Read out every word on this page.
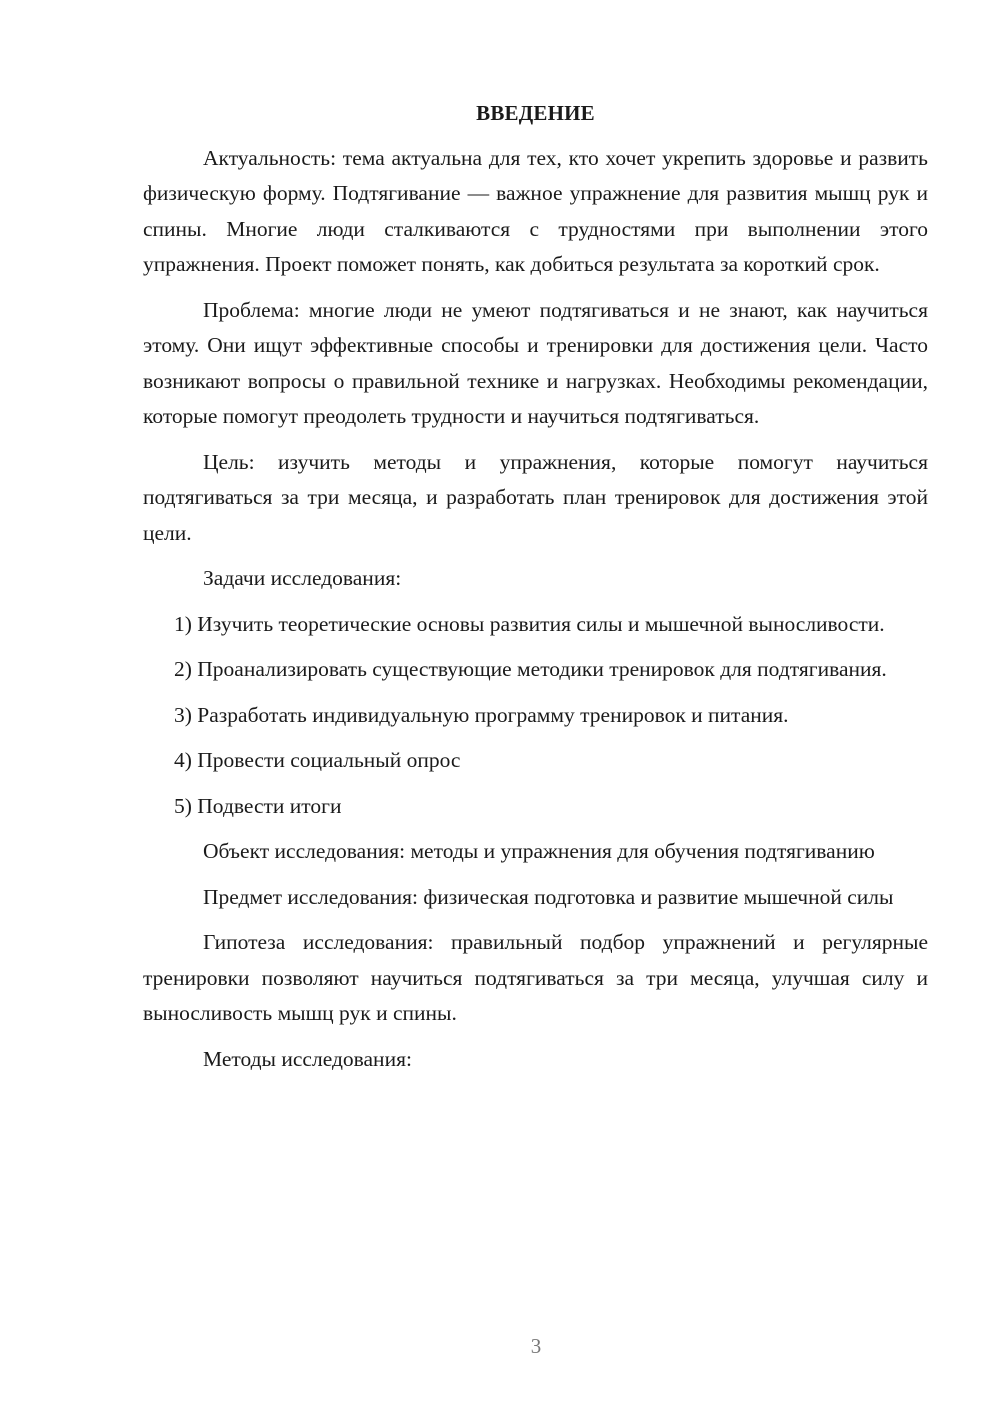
ВВЕДЕНИЕ

Актуальность: тема актуальна для тех, кто хочет укрепить здоровье и развить физическую форму. Подтягивание — важное упражнение для развития мышц рук и спины. Многие люди сталкиваются с трудностями при выполнении этого упражнения. Проект поможет понять, как добиться результата за короткий срок.

Проблема: многие люди не умеют подтягиваться и не знают, как научиться этому. Они ищут эффективные способы и тренировки для достижения цели. Часто возникают вопросы о правильной технике и нагрузках. Необходимы рекомендации, которые помогут преодолеть трудности и научиться подтягиваться.

Цель: изучить методы и упражнения, которые помогут научиться подтягиваться за три месяца, и разработать план тренировок для достижения этой цели.

Задачи исследования:

1) Изучить теоретические основы развития силы и мышечной выносливости.

2) Проанализировать существующие методики тренировок для подтягивания.

3) Разработать индивидуальную программу тренировок и питания.

4) Провести социальный опрос

5) Подвести итоги

Объект исследования: методы и упражнения для обучения подтягиванию

Предмет исследования: физическая подготовка и развитие мышечной силы

Гипотеза исследования: правильный подбор упражнений и регулярные тренировки позволяют научиться подтягиваться за три месяца, улучшая силу и выносливость мышц рук и спины.

Методы исследования:

3
